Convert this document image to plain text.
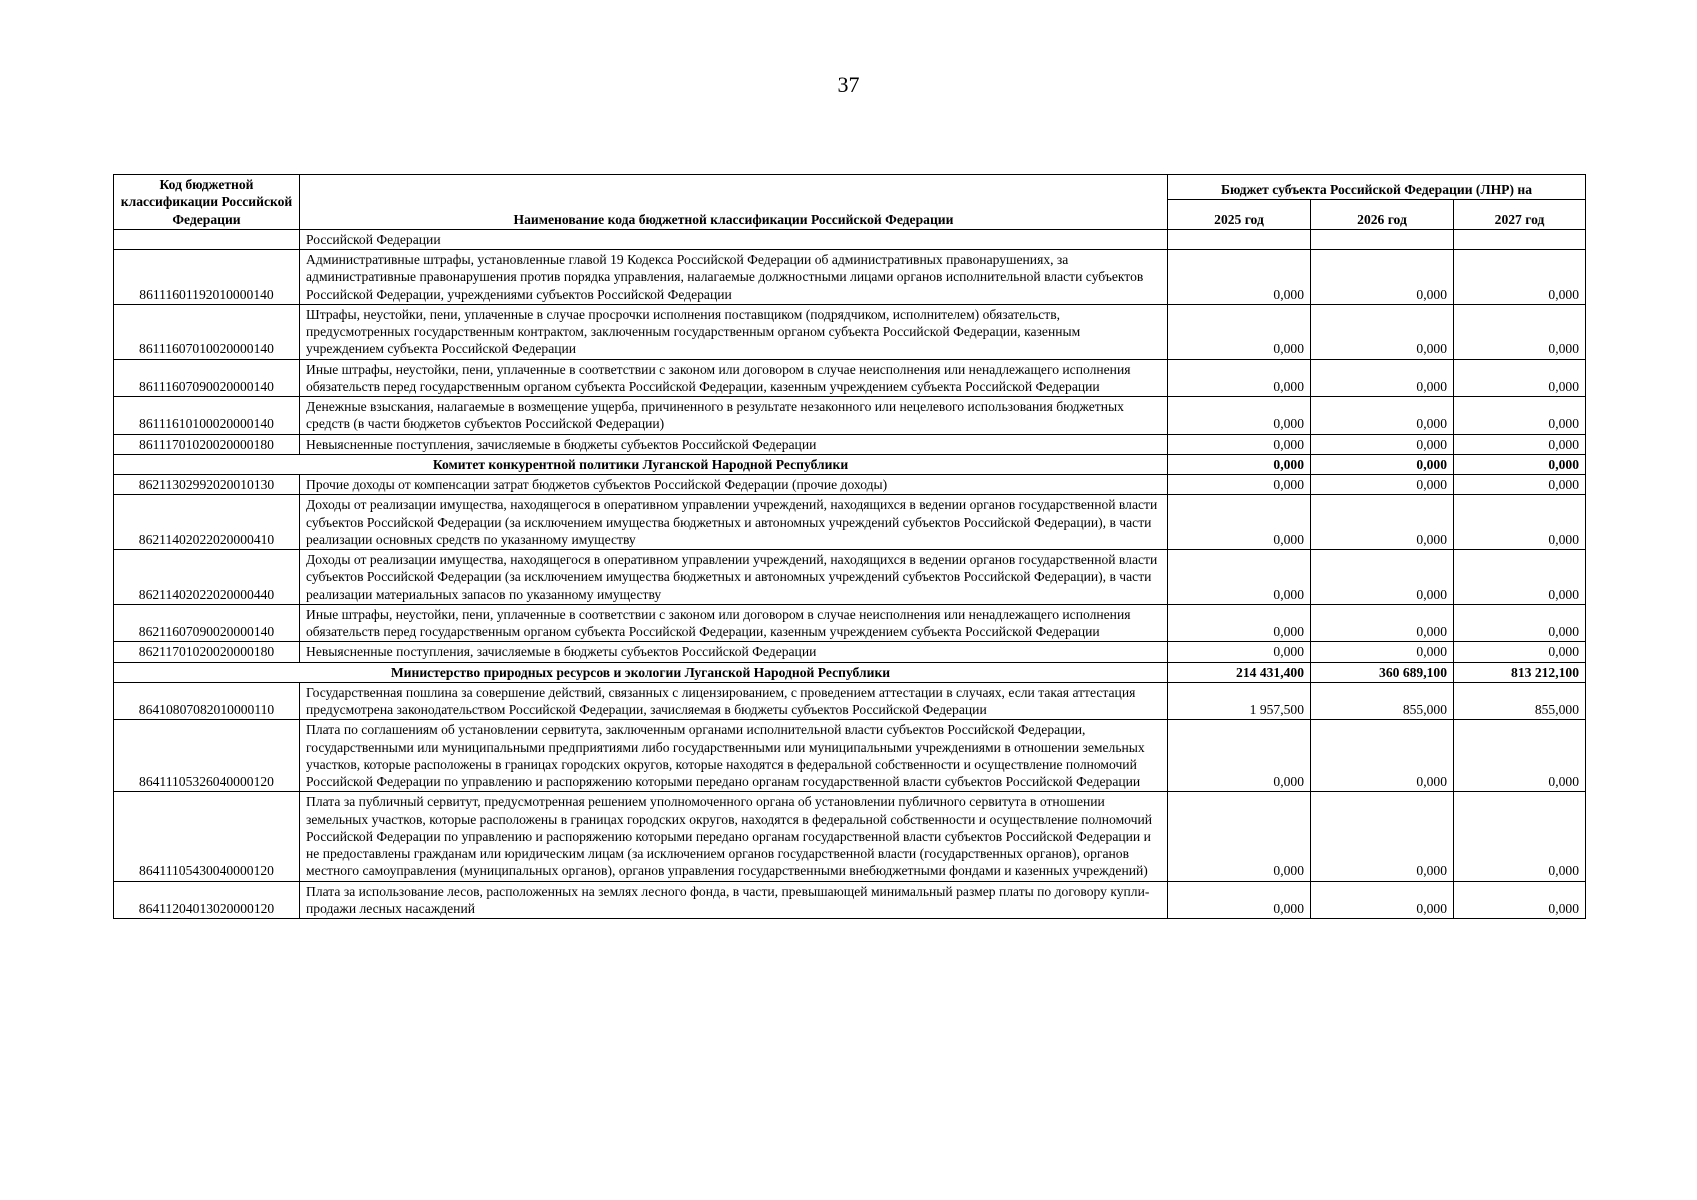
37
Код бюджетной классификации Российской Федерации	Наименование кода бюджетной классификации Российской Федерации	Бюджет субъекта Российской Федерации (ЛНР) на		
		2025 год	2026 год	2027 год
	Российской Федерации			
86111601192010000140	Административные штрафы, установленные главой 19 Кодекса Российской Федерации об административных правонарушениях, за административные правонарушения против порядка управления, налагаемые должностными лицами органов исполнительной власти субъектов Российской Федерации, учреждениями субъектов Российской Федерации	0,000	0,000	0,000
86111607010020000140	Штрафы, неустойки, пени, уплаченные в случае просрочки исполнения поставщиком (подрядчиком, исполнителем) обязательств, предусмотренных государственным контрактом, заключенным государственным органом субъекта Российской Федерации, казенным учреждением субъекта Российской Федерации	0,000	0,000	0,000
86111607090020000140	Иные штрафы, неустойки, пени, уплаченные в соответствии с законом или договором в случае неисполнения или ненадлежащего исполнения обязательств перед государственным органом субъекта Российской Федерации, казенным учреждением субъекта Российской Федерации	0,000	0,000	0,000
86111610100020000140	Денежные взыскания, налагаемые в возмещение ущерба, причиненного в результате незаконного или нецелевого использования бюджетных средств (в части бюджетов субъектов Российской Федерации)	0,000	0,000	0,000
86111701020020000180	Невыясненные поступления, зачисляемые в бюджеты субъектов Российской Федерации	0,000	0,000	0,000
Комитет конкурентной политики Луганской Народной Республики		0,000	0,000	0,000
86211302992020010130	Прочие доходы от компенсации затрат бюджетов субъектов Российской Федерации (прочие доходы)	0,000	0,000	0,000
86211402022020000410	Доходы от реализации имущества, находящегося в оперативном управлении учреждений, находящихся в ведении органов государственной власти субъектов Российской Федерации (за исключением имущества бюджетных и автономных учреждений субъектов Российской Федерации), в части реализации основных средств по указанному имуществу	0,000	0,000	0,000
86211402022020000440	Доходы от реализации имущества, находящегося в оперативном управлении учреждений, находящихся в ведении органов государственной власти субъектов Российской Федерации (за исключением имущества бюджетных и автономных учреждений субъектов Российской Федерации), в части реализации материальных запасов по указанному имуществу	0,000	0,000	0,000
86211607090020000140	Иные штрафы, неустойки, пени, уплаченные в соответствии с законом или договором в случае неисполнения или ненадлежащего исполнения обязательств перед государственным органом субъекта Российской Федерации, казенным учреждением субъекта Российской Федерации	0,000	0,000	0,000
86211701020020000180	Невыясненные поступления, зачисляемые в бюджеты субъектов Российской Федерации	0,000	0,000	0,000
Министерство природных ресурсов и экологии Луганской Народной Республики		214 431,400	360 689,100	813 212,100
86410807082010000110	Государственная пошлина за совершение действий, связанных с лицензированием, с проведением аттестации в случаях, если такая аттестация предусмотрена законодательством Российской Федерации, зачисляемая в бюджеты субъектов Российской Федерации	1 957,500	855,000	855,000
86411105326040000120	Плата по соглашениям об установлении сервитута, заключенным органами исполнительной власти субъектов Российской Федерации, государственными или муниципальными предприятиями либо государственными или муниципальными учреждениями в отношении земельных участков, которые расположены в границах городских округов, которые находятся в федеральной собственности и осуществление полномочий Российской Федерации по управлению и распоряжению которыми передано органам государственной власти субъектов Российской Федерации	0,000	0,000	0,000
86411105430040000120	Плата за публичный сервитут, предусмотренная решением уполномоченного органа об установлении публичного сервитута в отношении земельных участков, которые расположены в границах городских округов, находятся в федеральной собственности и осуществление полномочий Российской Федерации по управлению и распоряжению которыми передано органам государственной власти субъектов Российской Федерации и не предоставлены гражданам или юридическим лицам (за исключением органов государственной власти (государственных органов), органов местного самоуправления (муниципальных органов), органов управления государственными внебюджетными фондами и казенных учреждений)	0,000	0,000	0,000
86411204013020000120	Плата за использование лесов, расположенных на землях лесного фонда, в части, превышающей минимальный размер платы по договору купли-продажи лесных насаждений	0,000	0,000	0,000
